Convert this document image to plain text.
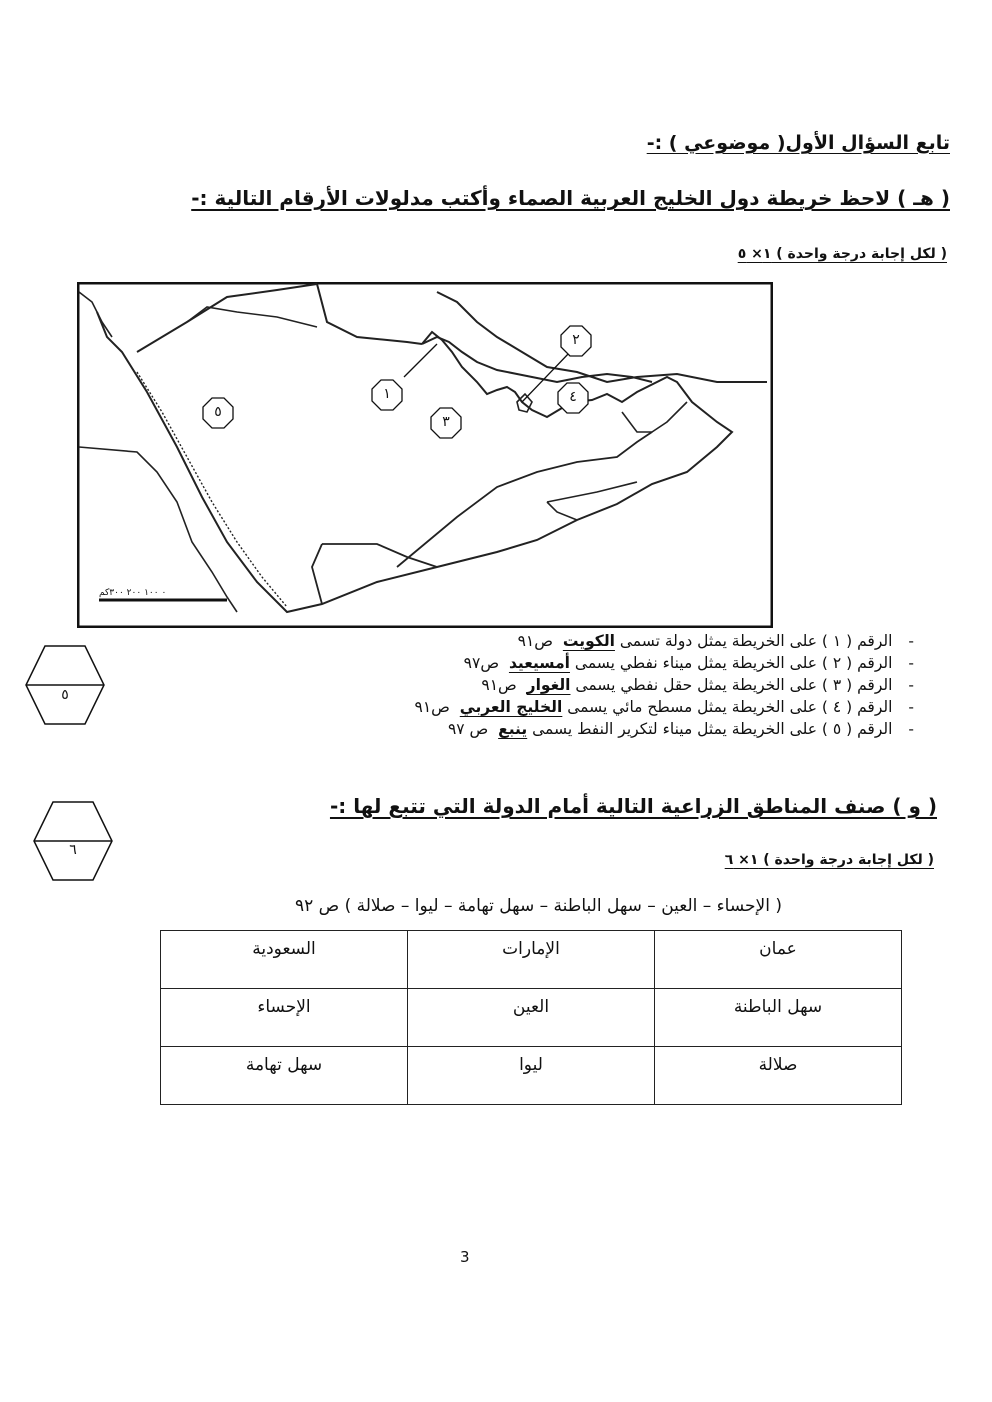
تابع السؤال الأول( موضوعي ) :-
( هـ ) لاحظ خريطة دول الخليج العربية الصماء وأكتب مدلولات الأرقام التالية :-
( لكل إجابة درجة واحدة ) ١× ٥
١
٢
٣
٤
٥
٠ ١٠٠ ٢٠٠ ٣٠٠كم
٥
-
الرقم ( ١ ) على الخريطة يمثل دولة تسمى

الكويت

ص٩١
-
الرقم ( ٢ ) على الخريطة يمثل ميناء نفطي يسمى

أمسيعيد

ص٩٧
-
الرقم ( ٣ ) على الخريطة يمثل حقل نفطي يسمى

الغوار

ص٩١
-
الرقم ( ٤ ) على الخريطة يمثل مسطح مائي يسمى

الخليج العربي

ص٩١
-
الرقم ( ٥ ) على الخريطة يمثل ميناء لتكرير النفط يسمى

ينبع

ص ٩٧
( و ) صنف المناطق الزراعية التالية أمام الدولة التي تتبع لها :-
٦
( لكل إجابة درجة واحدة ) ١× ٦
( الإحساء – العين – سهل الباطنة – سهل تهامة – ليوا – صلالة ) ص ٩٢
عمان	الإمارات	السعودية
سهل الباطنة	العين	الإحساء
صلالة	ليوا	سهل تهامة
3
